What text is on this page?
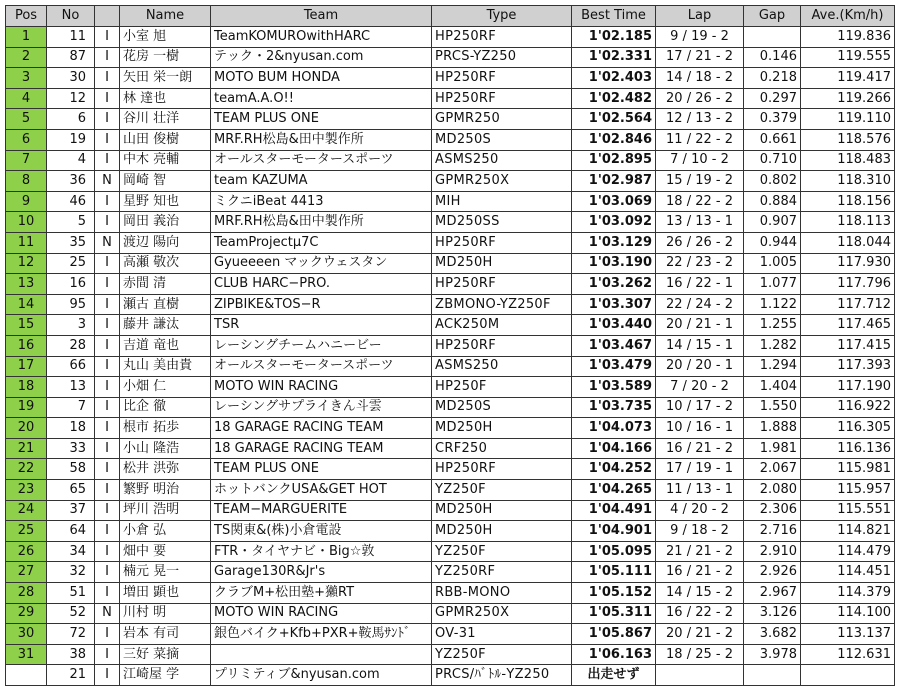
Pos	No		Name	Team	Type	Best Time	Lap	Gap	Ave.(Km/h)
1	11	I	小室 旭	TeamKOMUROwithHARC	HP250RF	1'02.185	9 / 19 - 2		119.836
2	87	I	花房 一樹	テック・2&nyusan.com	PRCS-YZ250	1'02.331	17 / 21 - 2	0.146	119.555
3	30	I	矢田 栄一朗	MOTO BUM HONDA	HP250RF	1'02.403	14 / 18 - 2	0.218	119.417
4	12	I	林 達也	teamA.A.O!!	HP250RF	1'02.482	20 / 26 - 2	0.297	119.266
5	6	I	谷川 壮洋	TEAM PLUS ONE	GPMR250	1'02.564	12 / 13 - 2	0.379	119.110
6	19	I	山田 俊樹	MRF.RH松島&田中製作所	MD250S	1'02.846	11 / 22 - 2	0.661	118.576
7	4	I	中木 亮輔	オールスターモータースポーツ	ASMS250	1'02.895	7 / 10 - 2	0.710	118.483
8	36	N	岡崎 智	team KAZUMA	GPMR250X	1'02.987	15 / 19 - 2	0.802	118.310
9	46	I	星野 知也	ミクニiBeat 4413	MIH	1'03.069	18 / 22 - 2	0.884	118.156
10	5	I	岡田 義治	MRF.RH松島&田中製作所	MD250SS	1'03.092	13 / 13 - 1	0.907	118.113
11	35	N	渡辺 陽向	TeamProjectμ7C	HP250RF	1'03.129	26 / 26 - 2	0.944	118.044
12	25	I	高瀬 敬次	Gyueeeen マックウェスタン	MD250H	1'03.190	22 / 23 - 2	1.005	117.930
13	16	I	赤間 清	CLUB HARC−PRO.	HP250RF	1'03.262	16 / 22 - 1	1.077	117.796
14	95	I	瀬古 直樹	ZIPBIKE&TOS−R	ZBMONO-YZ250F	1'03.307	22 / 24 - 2	1.122	117.712
15	3	I	藤井 謙汰	TSR	ACK250M	1'03.440	20 / 21 - 1	1.255	117.465
16	28	I	吉道 竜也	レーシングチームハニービー	HP250RF	1'03.467	14 / 15 - 1	1.282	117.415
17	66	I	丸山 美由貴	オールスターモータースポーツ	ASMS250	1'03.479	20 / 20 - 1	1.294	117.393
18	13	I	小畑 仁	MOTO WIN RACING	HP250F	1'03.589	7 / 20 - 2	1.404	117.190
19	7	I	比企 徹	レーシングサプライきん斗雲	MD250S	1'03.735	10 / 17 - 2	1.550	116.922
20	18	I	根市 拓歩	18 GARAGE RACING TEAM	MD250H	1'04.073	10 / 16 - 1	1.888	116.305
21	33	I	小山 隆浩	18 GARAGE RACING TEAM	CRF250	1'04.166	16 / 21 - 2	1.981	116.136
22	58	I	松井 洪弥	TEAM PLUS ONE	HP250RF	1'04.252	17 / 19 - 1	2.067	115.981
23	65	I	繁野 明治	ホットバンクUSA&GET HOT	YZ250F	1'04.265	11 / 13 - 1	2.080	115.957
24	37	I	坪川 浩明	TEAM−MARGUERITE	MD250H	1'04.491	4 / 20 - 2	2.306	115.551
25	64	I	小倉 弘	TS関東&(株)小倉電設	MD250H	1'04.901	9 / 18 - 2	2.716	114.821
26	34	I	畑中 要	FTR・タイヤナビ・Big☆敦	YZ250F	1'05.095	21 / 21 - 2	2.910	114.479
27	32	I	楠元 晃一	Garage130R&Jr's	YZ250RF	1'05.111	16 / 21 - 2	2.926	114.451
28	51	I	増田 顕也	クラブM+松田塾+獺RT	RBB-MONO	1'05.152	14 / 15 - 2	2.967	114.379
29	52	N	川村 明	MOTO WIN RACING	GPMR250X	1'05.311	16 / 22 - 2	3.126	114.100
30	72	I	岩本 有司	銀色バイク+Kfb+PXR+鞍馬ｻﾝﾄﾞ	OV-31	1'05.867	20 / 21 - 2	3.682	113.137
31	38	I	三好 菜摘		YZ250F	1'06.163	18 / 25 - 2	3.978	112.631
	21	I	江崎屋 学	プリミティブ&nyusan.com	PRCS/ﾊﾞﾄﾙ-YZ250	出走せず			
